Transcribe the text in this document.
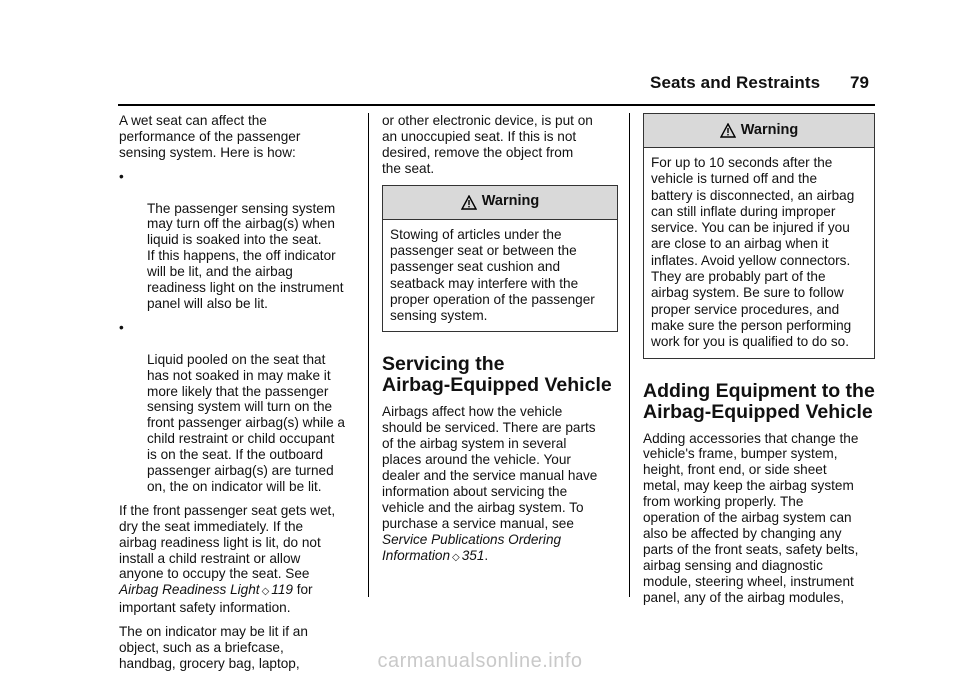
Seats and Restraints 79

A wet seat can affect the
performance of the passenger
sensing system. Here is how:

•

The passenger sensing system
may turn off the airbag(s) when
liquid is soaked into the seat.
If this happens, the off indicator
will be lit, and the airbag
readiness light on the instrument
panel will also be lit.

•

Liquid pooled on the seat that
has not soaked in may make it
more likely that the passenger
sensing system will turn on the
front passenger airbag(s) while a
child restraint or child occupant
is on the seat. If the outboard
passenger airbag(s) are turned
on, the on indicator will be lit.

If the front passenger seat gets wet,
dry the seat immediately. If the
airbag readiness light is lit, do not
install a child restraint or allow
anyone to occupy the seat. See
Airbag Readiness Light ◇ 119 for
important safety information.

The on indicator may be lit if an
object, such as a briefcase,
handbag, grocery bag, laptop,

or other electronic device, is put on
an unoccupied seat. If this is not
desired, remove the object from
the seat.

Warning
Stowing of articles under the
passenger seat or between the
passenger seat cushion and
seatback may interfere with the
proper operation of the passenger
sensing system.
Servicing the
Airbag-Equipped Vehicle

Airbags affect how the vehicle
should be serviced. There are parts
of the airbag system in several
places around the vehicle. Your
dealer and the service manual have
information about servicing the
vehicle and the airbag system. To
purchase a service manual, see
Service Publications Ordering
Information ◇ 351.

Warning
For up to 10 seconds after the
vehicle is turned off and the
battery is disconnected, an airbag
can still inflate during improper
service. You can be injured if you
are close to an airbag when it
inflates. Avoid yellow connectors.
They are probably part of the
airbag system. Be sure to follow
proper service procedures, and
make sure the person performing
work for you is qualified to do so.
Adding Equipment to the
Airbag-Equipped Vehicle

Adding accessories that change the
vehicle's frame, bumper system,
height, front end, or side sheet
metal, may keep the airbag system
from working properly. The
operation of the airbag system can
also be affected by changing any
parts of the front seats, safety belts,
airbag sensing and diagnostic
module, steering wheel, instrument
panel, any of the airbag modules,

carmanualsonline.info
